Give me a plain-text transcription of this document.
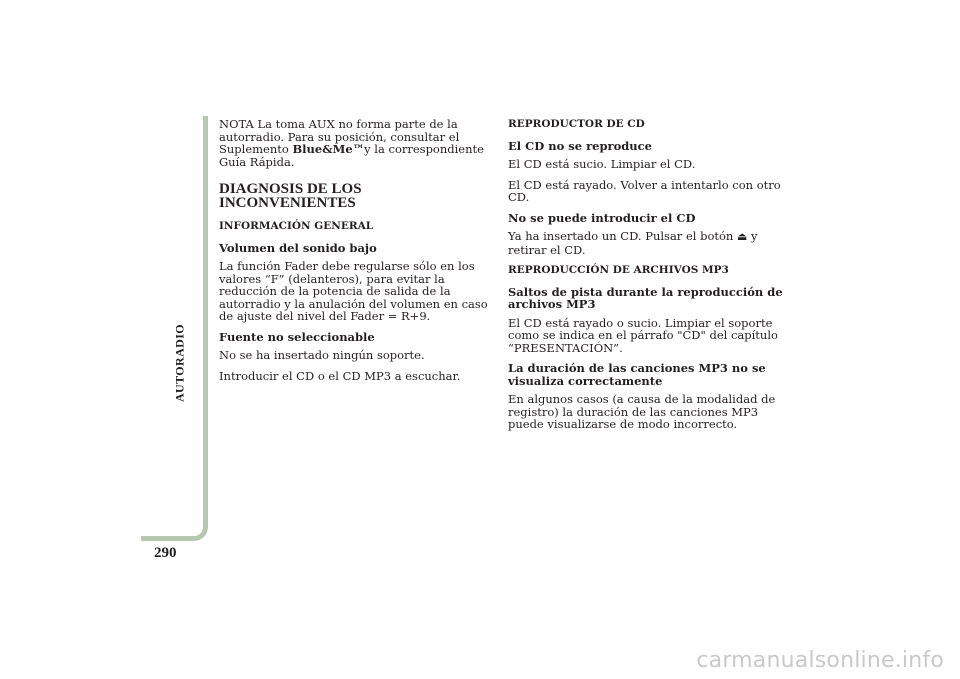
AUTORADIO
290

NOTA La toma AUX no forma parte de la autorradio. Para su posición, consultar el Suplemento Blue&Me™y la correspondiente Guía Rápida.

DIAGNOSIS DE LOS INCONVENIENTES
INFORMACIÓN GENERAL
Volumen del sonido bajo

La función Fader debe regularse sólo en los valores “F” (delanteros), para evitar la reducción de la potencia de salida de la autorradio y la anulación del volumen en caso de ajuste del nivel del Fader = R+9.

Fuente no seleccionable

No se ha insertado ningún soporte.

Introducir el CD o el CD MP3 a escuchar.

REPRODUCTOR DE CD
El CD no se reproduce

El CD está sucio. Limpiar el CD.

El CD está rayado. Volver a intentarlo con otro CD.

No se puede introducir el CD

Ya ha insertado un CD. Pulsar el botón ⏏ y retirar el CD.

REPRODUCCIÓN DE ARCHIVOS MP3
Saltos de pista durante la reproducción de archivos MP3

El CD está rayado o sucio. Limpiar el soporte como se indica en el párrafo "CD" del capítulo “PRESENTACIÓN”.

La duración de las canciones MP3 no se visualiza correctamente

En algunos casos (a causa de la modalidad de registro) la duración de las canciones MP3 puede visualizarse de modo incorrecto.

carmanualsonline.info
